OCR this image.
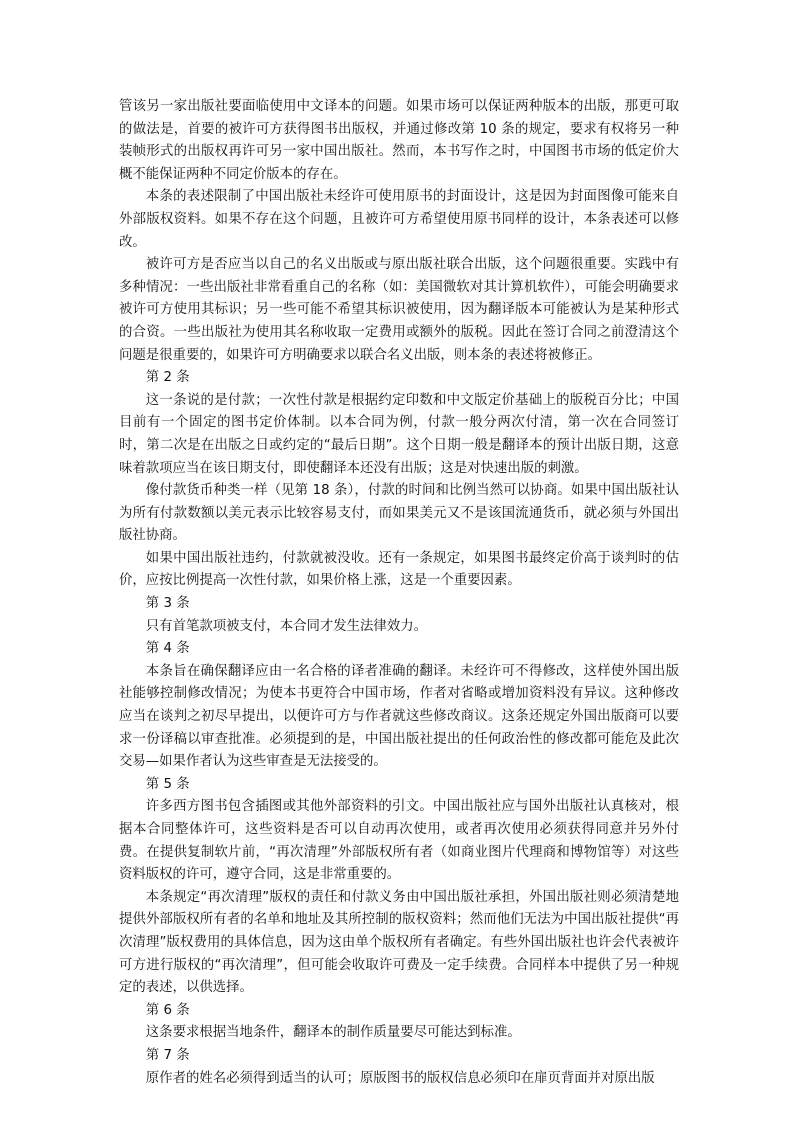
管该另一家出版社要面临使用中文译本的问题。如果市场可以保证两种版本的出版，那更可取的做法是，首要的被许可方获得图书出版权，并通过修改第 10 条的规定，要求有权将另一种装帧形式的出版权再许可另一家中国出版社。然而，本书写作之时，中国图书市场的低定价大概不能保证两种不同定价版本的存在。

本条的表述限制了中国出版社未经许可使用原书的封面设计，这是因为封面图像可能来自外部版权资料。如果不存在这个问题，且被许可方希望使用原书同样的设计，本条表述可以修改。

被许可方是否应当以自己的名义出版或与原出版社联合出版，这个问题很重要。实践中有多种情况：一些出版社非常看重自己的名称（如：美国微软对其计算机软件），可能会明确要求被许可方使用其标识；另一些可能不希望其标识被使用，因为翻译版本可能被认为是某种形式的合资。一些出版社为使用其名称收取一定费用或额外的版税。因此在签订合同之前澄清这个问题是很重要的，如果许可方明确要求以联合名义出版，则本条的表述将被修正。

第 2 条

这一条说的是付款；一次性付款是根据约定印数和中文版定价基础上的版税百分比；中国目前有一个固定的图书定价体制。以本合同为例，付款一般分两次付清，第一次在合同签订时，第二次是在出版之日或约定的“最后日期”。这个日期一般是翻译本的预计出版日期，这意味着款项应当在该日期支付，即使翻译本还没有出版；这是对快速出版的刺激。

像付款货币种类一样（见第 18 条），付款的时间和比例当然可以协商。如果中国出版社认为所有付款数额以美元表示比较容易支付，而如果美元又不是该国流通货币，就必须与外国出版社协商。

如果中国出版社违约，付款就被没收。还有一条规定，如果图书最终定价高于谈判时的估价，应按比例提高一次性付款，如果价格上涨，这是一个重要因素。

第 3 条

只有首笔款项被支付，本合同才发生法律效力。

第 4 条

本条旨在确保翻译应由一名合格的译者准确的翻译。未经许可不得修改，这样使外国出版社能够控制修改情况；为使本书更符合中国市场，作者对省略或增加资料没有异议。这种修改应当在谈判之初尽早提出，以便许可方与作者就这些修改商议。这条还规定外国出版商可以要求一份译稿以审查批准。必须提到的是，中国出版社提出的任何政治性的修改都可能危及此次交易—如果作者认为这些审查是无法接受的。

第 5 条

许多西方图书包含插图或其他外部资料的引文。中国出版社应与国外出版社认真核对，根据本合同整体许可，这些资料是否可以自动再次使用，或者再次使用必须获得同意并另外付费。在提供复制软片前，“再次清理”外部版权所有者（如商业图片代理商和博物馆等）对这些资料版权的许可，遵守合同，这是非常重要的。

本条规定“再次清理”版权的责任和付款义务由中国出版社承担，外国出版社则必须清楚地提供外部版权所有者的名单和地址及其所控制的版权资料；然而他们无法为中国出版社提供“再次清理”版权费用的具体信息，因为这由单个版权所有者确定。有些外国出版社也许会代表被许可方进行版权的“再次清理”，但可能会收取许可费及一定手续费。合同样本中提供了另一种规定的表述，以供选择。

第 6 条

这条要求根据当地条件，翻译本的制作质量要尽可能达到标准。

第 7 条

原作者的姓名必须得到适当的认可；原版图书的版权信息必须印在扉页背面并对原出版
